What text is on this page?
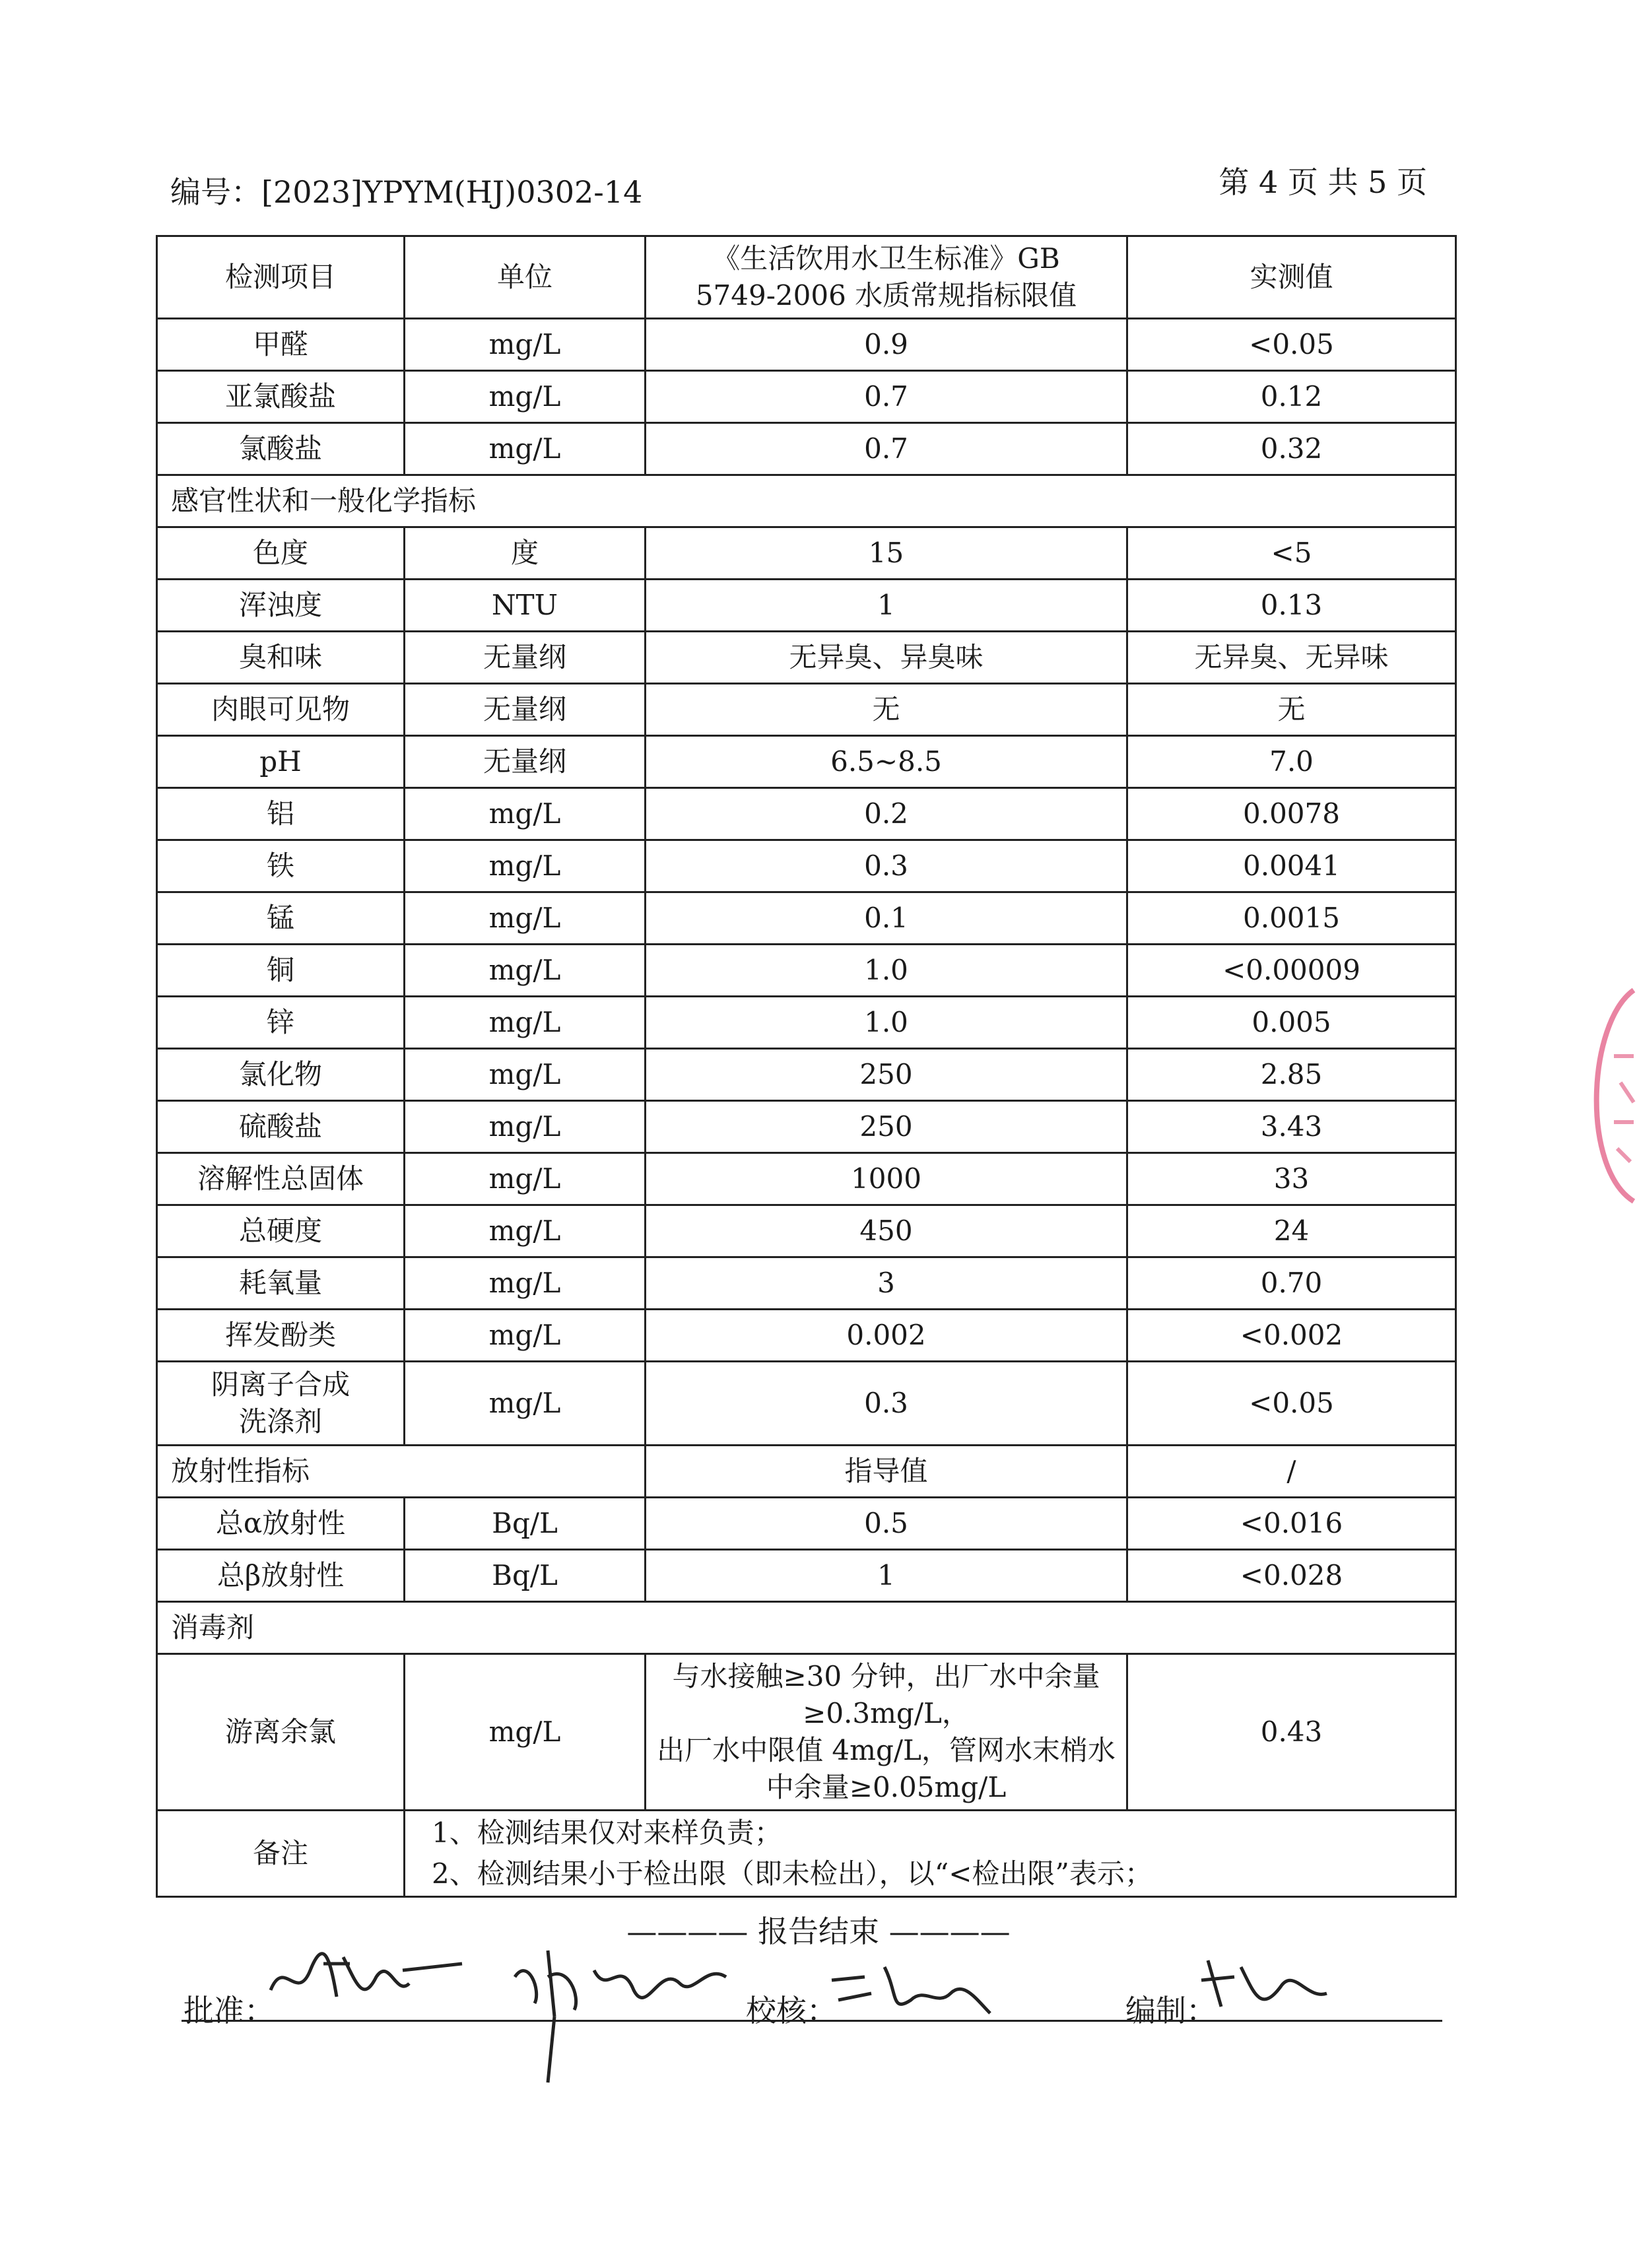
编号：[2023]YPYM(HJ)0302-14	第 4 页 共 5 页
检测项目	单位	《生活饮用水卫生标准》GB
5749-2006 水质常规指标限值	实测值
甲醛	mg/L	0.9	<0.05
亚氯酸盐	mg/L	0.7	0.12
氯酸盐	mg/L	0.7	0.32
感官性状和一般化学指标			
色度	度	15	<5
浑浊度	NTU	1	0.13
臭和味	无量纲	无异臭、异臭味	无异臭、无异味
肉眼可见物	无量纲	无	无
pH	无量纲	6.5~8.5	7.0
铝	mg/L	0.2	0.0078
铁	mg/L	0.3	0.0041
锰	mg/L	0.1	0.0015
铜	mg/L	1.0	<0.00009
锌	mg/L	1.0	0.005
氯化物	mg/L	250	2.85
硫酸盐	mg/L	250	3.43
溶解性总固体	mg/L	1000	33
总硬度	mg/L	450	24
耗氧量	mg/L	3	0.70
挥发酚类	mg/L	0.002	<0.002
阴离子合成
洗涤剂	mg/L	0.3	<0.05
放射性指标		指导值	/
总α放射性	Bq/L	0.5	<0.016
总β放射性	Bq/L	1	<0.028
消毒剂			
游离余氯	mg/L	与水接触≥30 分钟，出厂水中余量
≥0.3mg/L，
出厂水中限值 4mg/L，管网水末梢水
中余量≥0.05mg/L	0.43
备注	1、检测结果仅对来样负责；
2、检测结果小于检出限（即未检出），以“<检出限”表示；		
———— 报告结束 ————
批准：	校核：	编制：
